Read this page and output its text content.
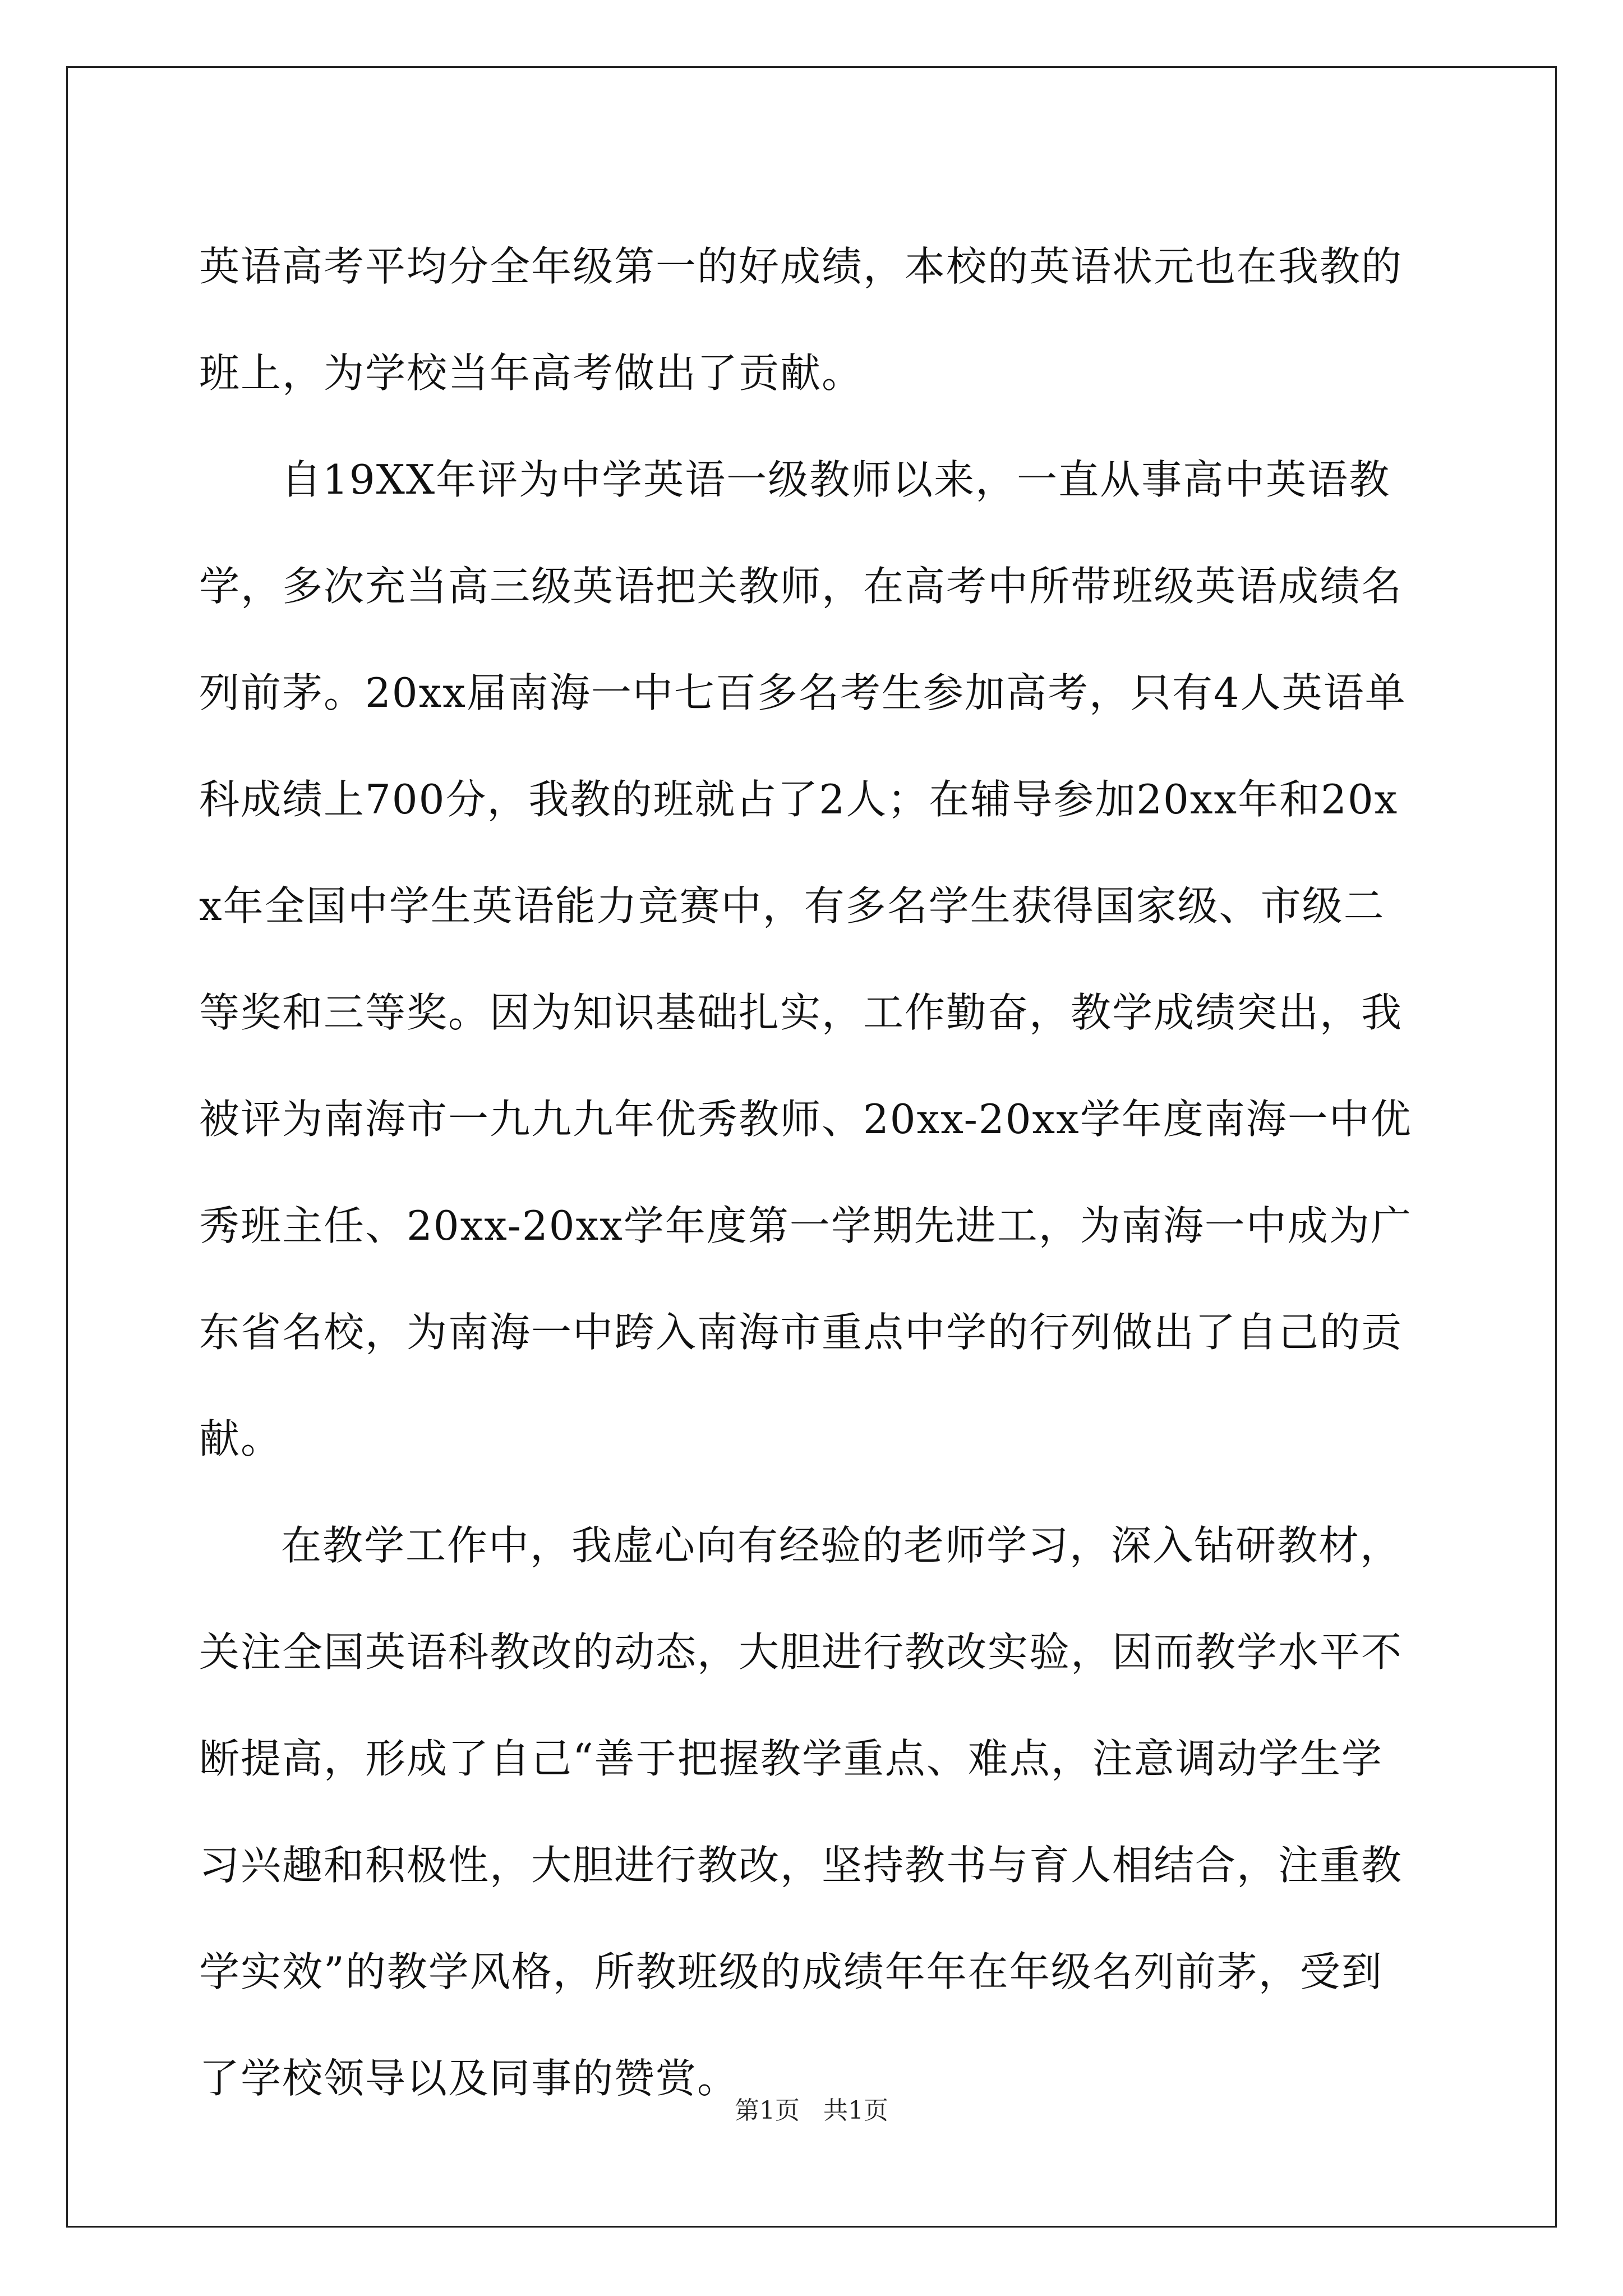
英语高考平均分全年级第一的好成绩，本校的英语状元也在我教的班上，为学校当年高考做出了贡献。

自19XX年评为中学英语一级教师以来，一直从事高中英语教学，多次充当高三级英语把关教师，在高考中所带班级英语成绩名列前茅。20xx届南海一中七百多名考生参加高考，只有4人英语单科成绩上700分，我教的班就占了2人；在辅导参加20xx年和20xx年全国中学生英语能力竞赛中，有多名学生获得国家级、市级二等奖和三等奖。因为知识基础扎实，工作勤奋，教学成绩突出，我被评为南海市一九九九年优秀教师、20xx-20xx学年度南海一中优秀班主任、20xx-20xx学年度第一学期先进工，为南海一中成为广东省名校，为南海一中跨入南海市重点中学的行列做出了自己的贡献。

在教学工作中，我虚心向有经验的老师学习，深入钻研教材，关注全国英语科教改的动态，大胆进行教改实验，因而教学水平不断提高，形成了自己“善于把握教学重点、难点，注意调动学生学习兴趣和积极性，大胆进行教改，坚持教书与育人相结合，注重教学实效”的教学风格，所教班级的成绩年年在年级名列前茅，受到了学校领导以及同事的赞赏。

第1页 共1页
